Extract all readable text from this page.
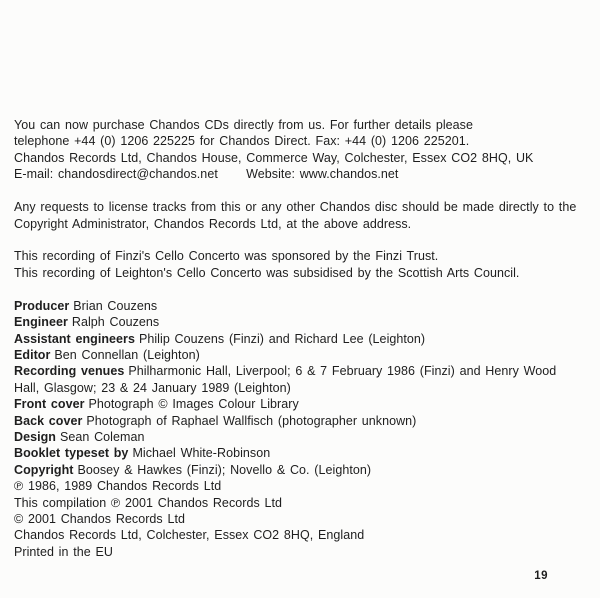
You can now purchase Chandos CDs directly from us. For further details please
telephone +44 (0) 1206 225225 for Chandos Direct. Fax: +44 (0) 1206 225201.
Chandos Records Ltd, Chandos House, Commerce Way, Colchester, Essex CO2 8HQ, UK
E-mail: chandosdirect@chandos.net      Website: www.chandos.net
Any requests to license tracks from this or any other Chandos disc should be made directly to the
Copyright Administrator, Chandos Records Ltd, at the above address.
This recording of Finzi's Cello Concerto was sponsored by the Finzi Trust.
This recording of Leighton's Cello Concerto was subsidised by the Scottish Arts Council.
Producer Brian Couzens
Engineer Ralph Couzens
Assistant engineers Philip Couzens (Finzi) and Richard Lee (Leighton)
Editor Ben Connellan (Leighton)
Recording venues Philharmonic Hall, Liverpool; 6 & 7 February 1986 (Finzi) and Henry Wood
Hall, Glasgow; 23 & 24 January 1989 (Leighton)
Front cover Photograph © Images Colour Library
Back cover Photograph of Raphael Wallfisch (photographer unknown)
Design Sean Coleman
Booklet typeset by Michael White-Robinson
Copyright Boosey & Hawkes (Finzi); Novello & Co. (Leighton)
℗ 1986, 1989 Chandos Records Ltd
This compilation ℗ 2001 Chandos Records Ltd
© 2001 Chandos Records Ltd
Chandos Records Ltd, Colchester, Essex CO2 8HQ, England
Printed in the EU
19
